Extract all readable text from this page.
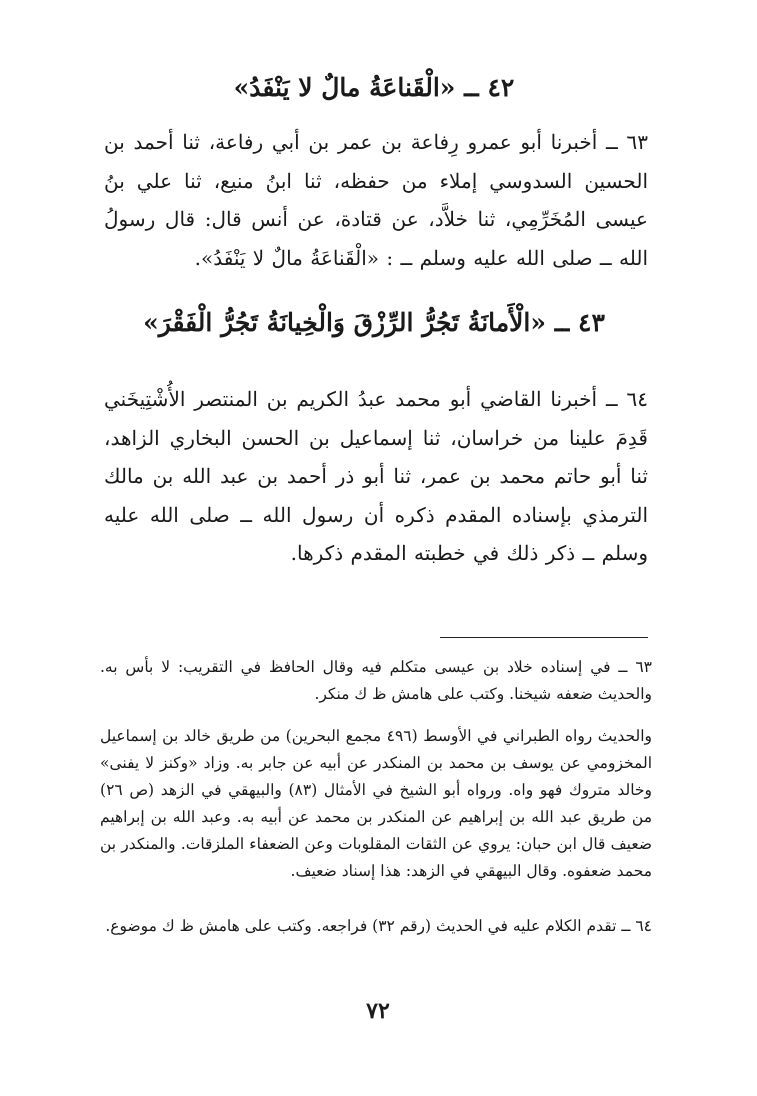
٤٢ ــ «الْقَناعَةُ مالٌ لا يَنْفَدُ»
٦٣ ــ أخبرنا أبو عمرو رِفاعة بن عمر بن أبي رفاعة، ثنا أحمد بن الحسين السدوسي إملاء من حفظه، ثنا ابنُ منيع، ثنا علي بنُ عيسى المُخَرِّمِي، ثنا خلاَّد، عن قتادة، عن أنس قال: قال رسولُ الله ــ صلى الله عليه وسلم ــ : «الْقَناعَةُ مالٌ لا يَنْفَدُ».
٤٣ ــ «الْأَمانَةُ تَجُرُّ الرِّزْقَ وَالْخِيانَةُ تَجُرُّ الْفَقْرَ»
٦٤ ــ أخبرنا القاضي أبو محمد عبدُ الكريم بن المنتصر الأُشْتِيخَني قَدِمَ علينا من خراسان، ثنا إسماعيل بن الحسن البخاري الزاهد، ثنا أبو حاتم محمد بن عمر، ثنا أبو ذر أحمد بن عبد الله بن مالك الترمذي بإسناده المقدم ذكره أن رسول الله ــ صلى الله عليه وسلم ــ ذكر ذلك في خطبته المقدم ذكرها.
٦٣ ــ في إسناده خلاد بن عيسى متكلم فيه وقال الحافظ في التقريب: لا بأس به. والحديث ضعفه شيخنا. وكتب على هامش ظ ك منكر.
والحديث رواه الطبراني في الأوسط (٤٩٦ مجمع البحرين) من طريق خالد بن إسماعيل المخزومي عن يوسف بن محمد بن المنكدر عن أبيه عن جابر به. وزاد «وكنز لا يفنى» وخالد متروك فهو واه. ورواه أبو الشيخ في الأمثال (٨٣) والبيهقي في الزهد (ص ٢٦) من طريق عبد الله بن إبراهيم عن المنكدر بن محمد عن أبيه به. وعبد الله بن إبراهيم ضعيف قال ابن حبان: يروي عن الثقات المقلوبات وعن الضعفاء الملزقات. والمنكدر بن محمد ضعفوه. وقال البيهقي في الزهد: هذا إسناد ضعيف.
٦٤ ــ تقدم الكلام عليه في الحديث (رقم ٣٢) فراجعه. وكتب على هامش ظ ك موضوع.
٧٢
